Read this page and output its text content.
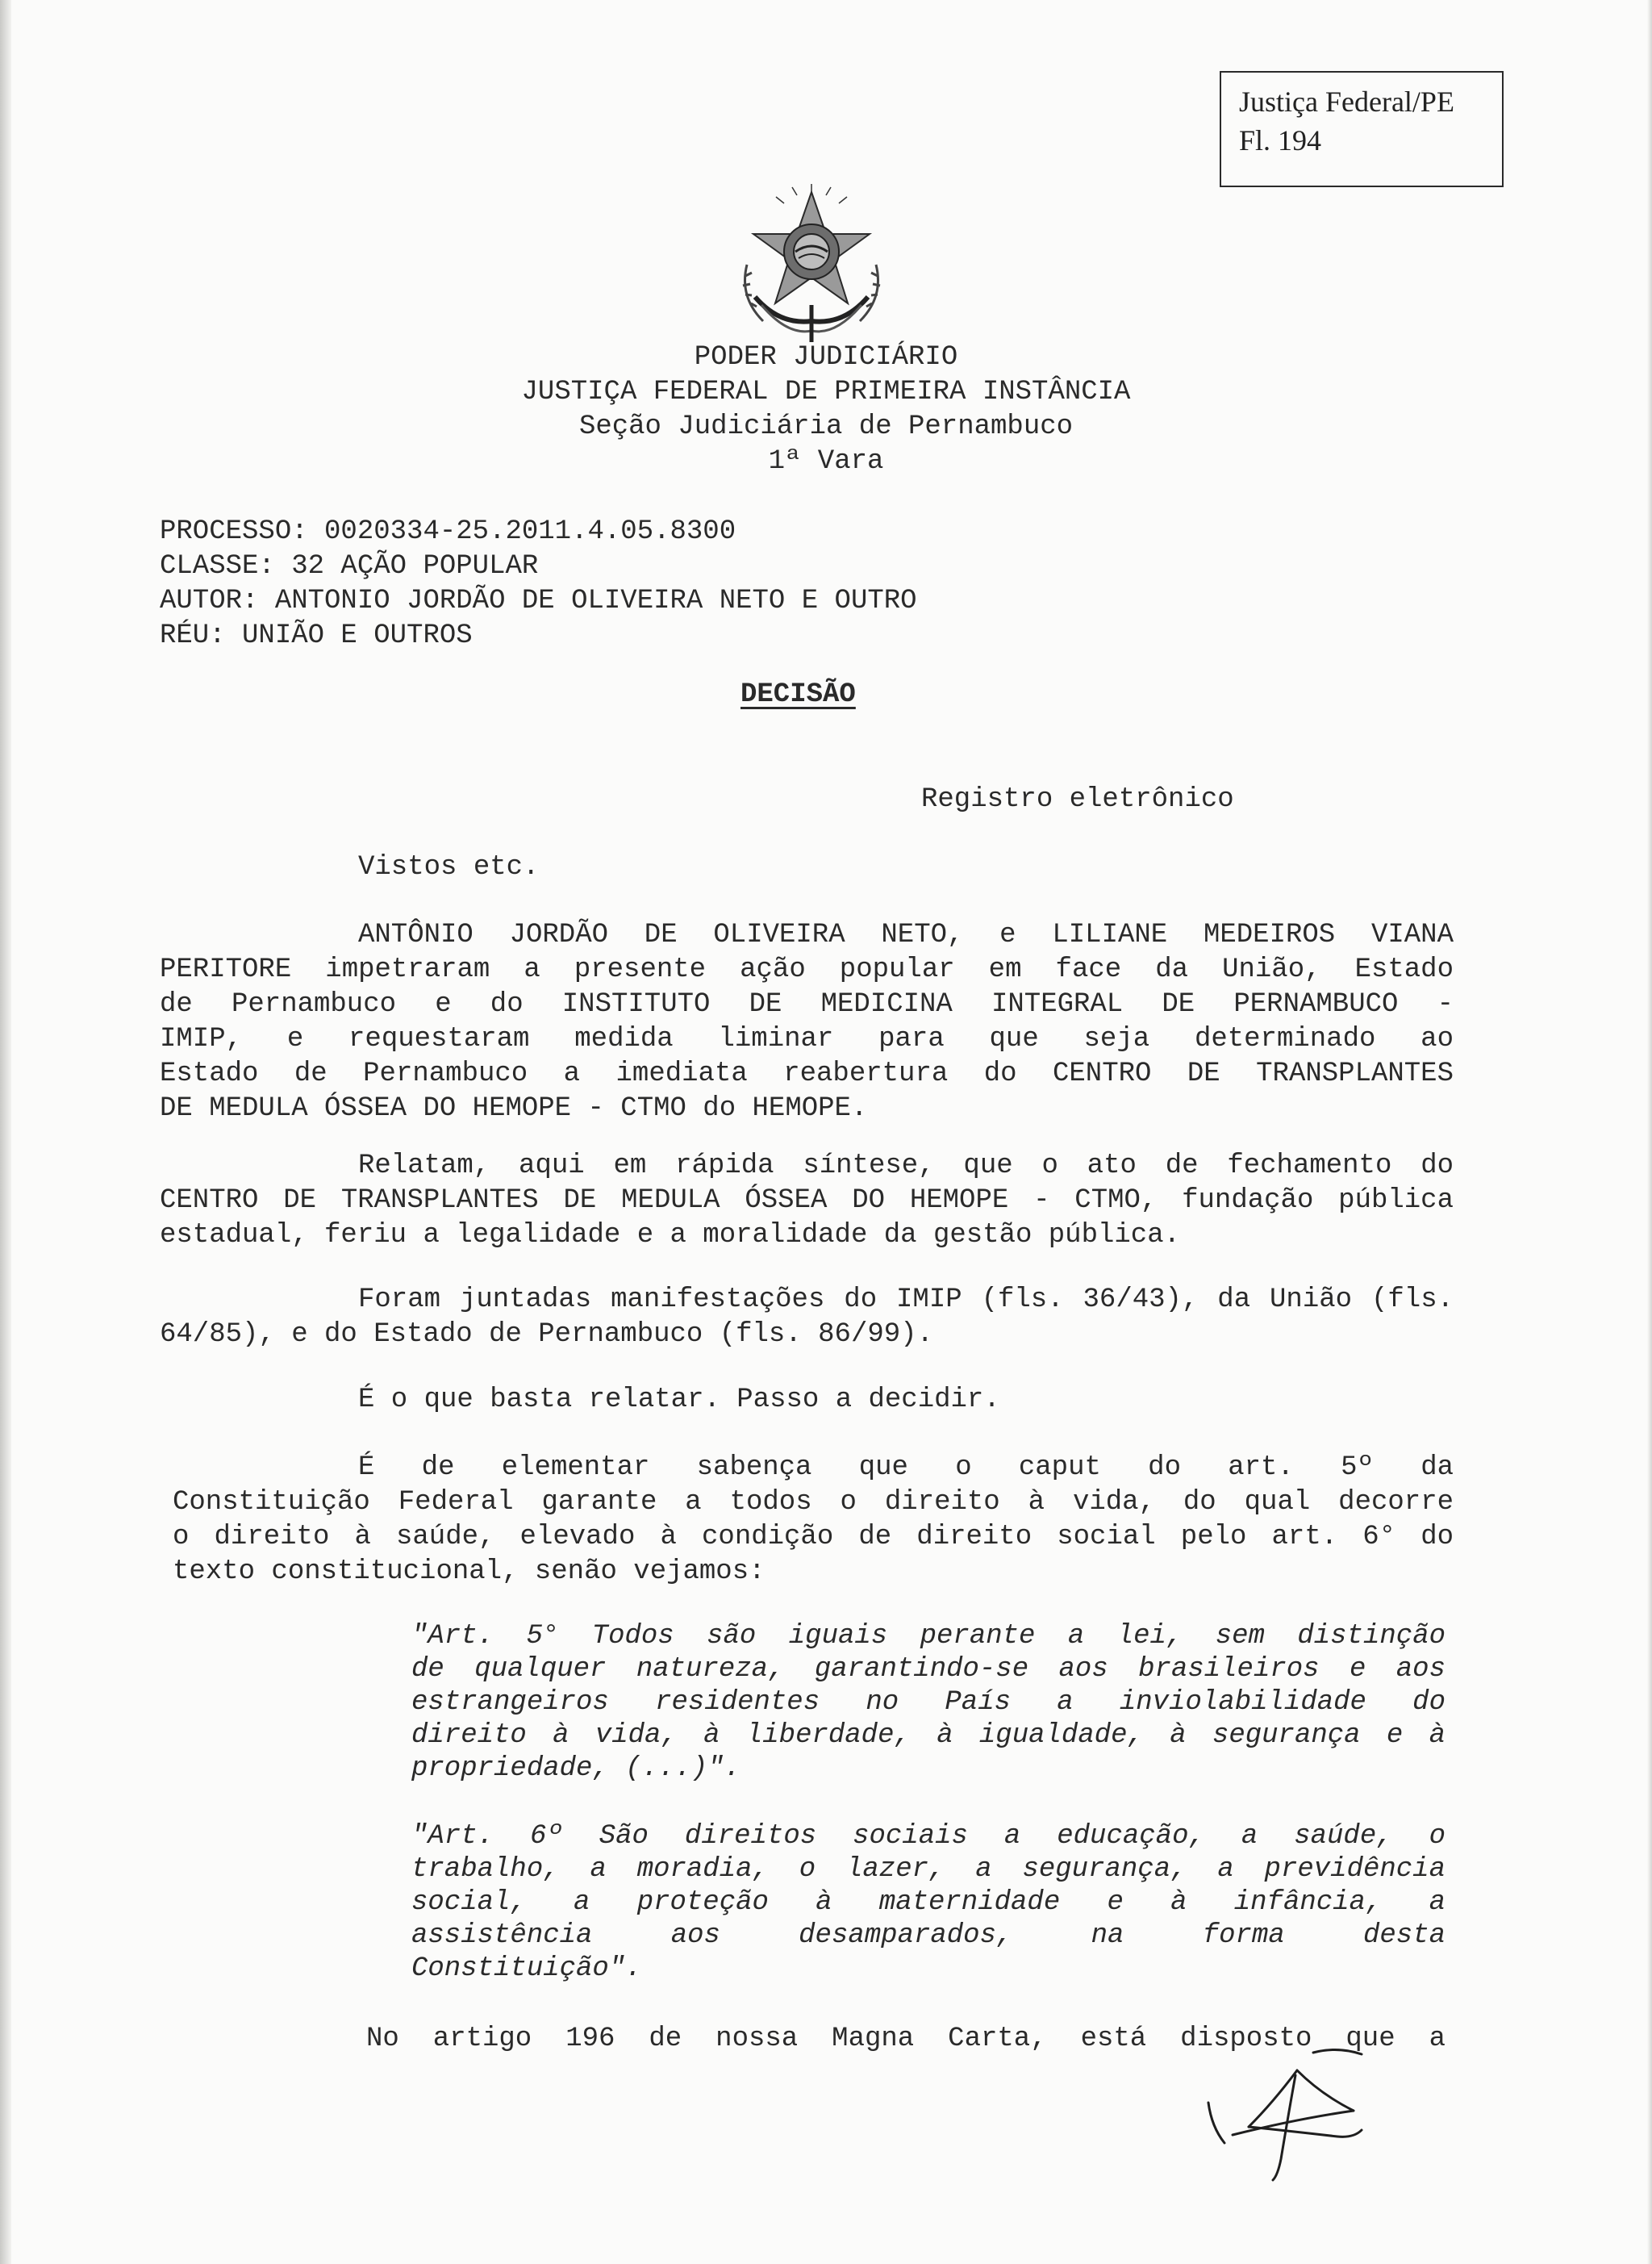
Justiça Federal/PE
Fl. 194
PODER JUDICIÁRIO
JUSTIÇA FEDERAL DE PRIMEIRA INSTÂNCIA
Seção Judiciária de Pernambuco
1ª Vara
PROCESSO: 0020334-25.2011.4.05.8300
CLASSE: 32 AÇÃO POPULAR
AUTOR: ANTONIO JORDÃO DE OLIVEIRA NETO E OUTRO
RÉU: UNIÃO E OUTROS
DECISÃO
Registro eletrônico
Vistos etc.
ANTÔNIO JORDÃO DE OLIVEIRA NETO, e LILIANE MEDEIROS VIANA
PERITORE impetraram a presente ação popular em face da União, Estado
de Pernambuco e do INSTITUTO DE MEDICINA INTEGRAL DE PERNAMBUCO -
IMIP, e requestaram medida liminar para que seja determinado ao
Estado de Pernambuco a imediata reabertura do CENTRO DE TRANSPLANTES
DE MEDULA ÓSSEA DO HEMOPE - CTMO do HEMOPE.
Relatam, aqui em rápida síntese, que o ato de fechamento do
CENTRO DE TRANSPLANTES DE MEDULA ÓSSEA DO HEMOPE - CTMO, fundação pública
estadual, feriu a legalidade e a moralidade da gestão pública.
Foram juntadas manifestações do IMIP (fls. 36/43), da União (fls.
64/85), e do Estado de Pernambuco (fls. 86/99).
É o que basta relatar. Passo a decidir.
É de elementar sabença que o caput do art. 5º da
Constituição Federal garante a todos o direito à vida, do qual decorre
o direito à saúde, elevado à condição de direito social pelo art. 6° do
texto constitucional, senão vejamos:
"Art. 5° Todos são iguais perante a lei, sem distinção
de qualquer natureza, garantindo-se aos brasileiros e aos
estrangeiros residentes no País a inviolabilidade do
direito à vida, à liberdade, à igualdade, à segurança e à
propriedade, (...)".
"Art. 6º São direitos sociais a educação, a saúde, o
trabalho, a moradia, o lazer, a segurança, a previdência
social, a proteção à maternidade e à infância, a
assistência aos desamparados, na forma desta
Constituição".
No artigo 196 de nossa Magna Carta, está disposto que a
